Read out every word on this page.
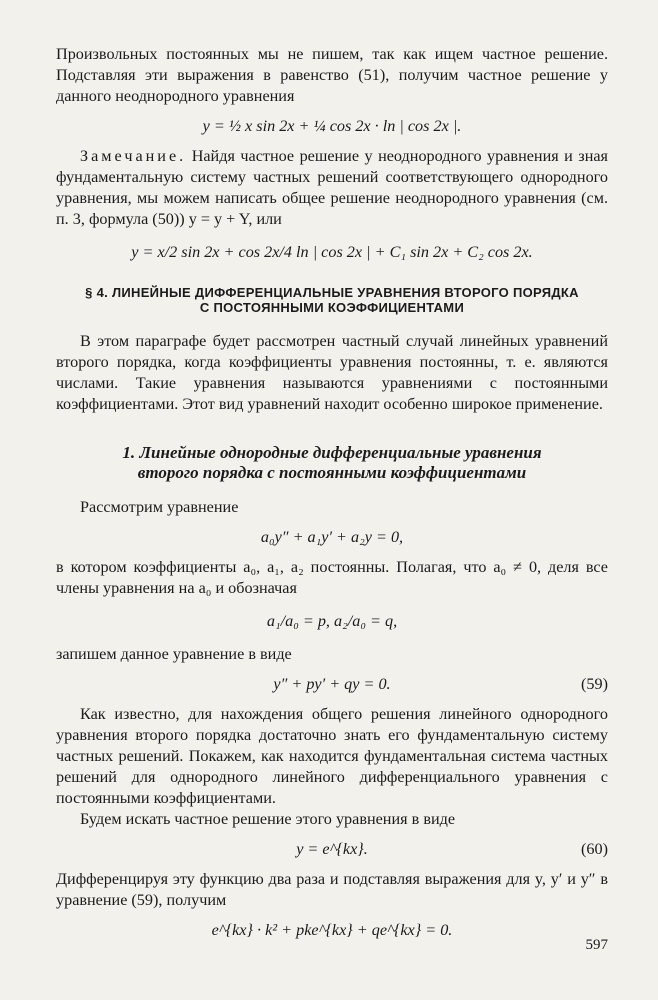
Произвольных постоянных мы не пишем, так как ищем частное решение. Подставляя эти выражения в равенство (51), получим частное решение y данного неоднородного уравнения

y = ½ x sin 2x + ¼ cos 2x · ln | cos 2x |.

Замечание. Найдя частное решение y неоднородного уравнения и зная фундаментальную систему частных решений соответствующего однородного уравнения, мы можем написать общее решение неоднородного уравнения (см. п. 3, формула (50)) y = y + Y, или

y = x/2 sin 2x + cos 2x/4 ln | cos 2x | + C₁ sin 2x + C₂ cos 2x.
§ 4. ЛИНЕЙНЫЕ ДИФФЕРЕНЦИАЛЬНЫЕ УРАВНЕНИЯ ВТОРОГО ПОРЯДКА
С ПОСТОЯННЫМИ КОЭФФИЦИЕНТАМИ

В этом параграфе будет рассмотрен частный случай линейных уравнений второго порядка, когда коэффициенты уравнения постоянны, т. е. являются числами. Такие уравнения называются уравнениями с постоянными коэффициентами. Этот вид уравнений находит особенно широкое применение.

1. Линейные однородные дифференциальные уравнения
второго порядка с постоянными коэффициентами

Рассмотрим уравнение

a₀y″ + a₁y′ + a₂y = 0,

в котором коэффициенты a₀, a₁, a₂ постоянны. Полагая, что a₀ ≠ 0, деля все члены уравнения на a₀ и обозначая

a₁/a₀ = p, a₂/a₀ = q,

запишем данное уравнение в виде

y″ + py′ + qy = 0.	(59)

Как известно, для нахождения общего решения линейного однородного уравнения второго порядка достаточно знать его фундаментальную систему частных решений. Покажем, как находится фундаментальная система частных решений для однородного линейного дифференциального уравнения с постоянными коэффициентами.

Будем искать частное решение этого уравнения в виде

y = e^{kx}.	(60)

Дифференцируя эту функцию два раза и подставляя выражения для y, y′ и y″ в уравнение (59), получим

e^{kx} · k² + pke^{kx} + qe^{kx} = 0.
597
